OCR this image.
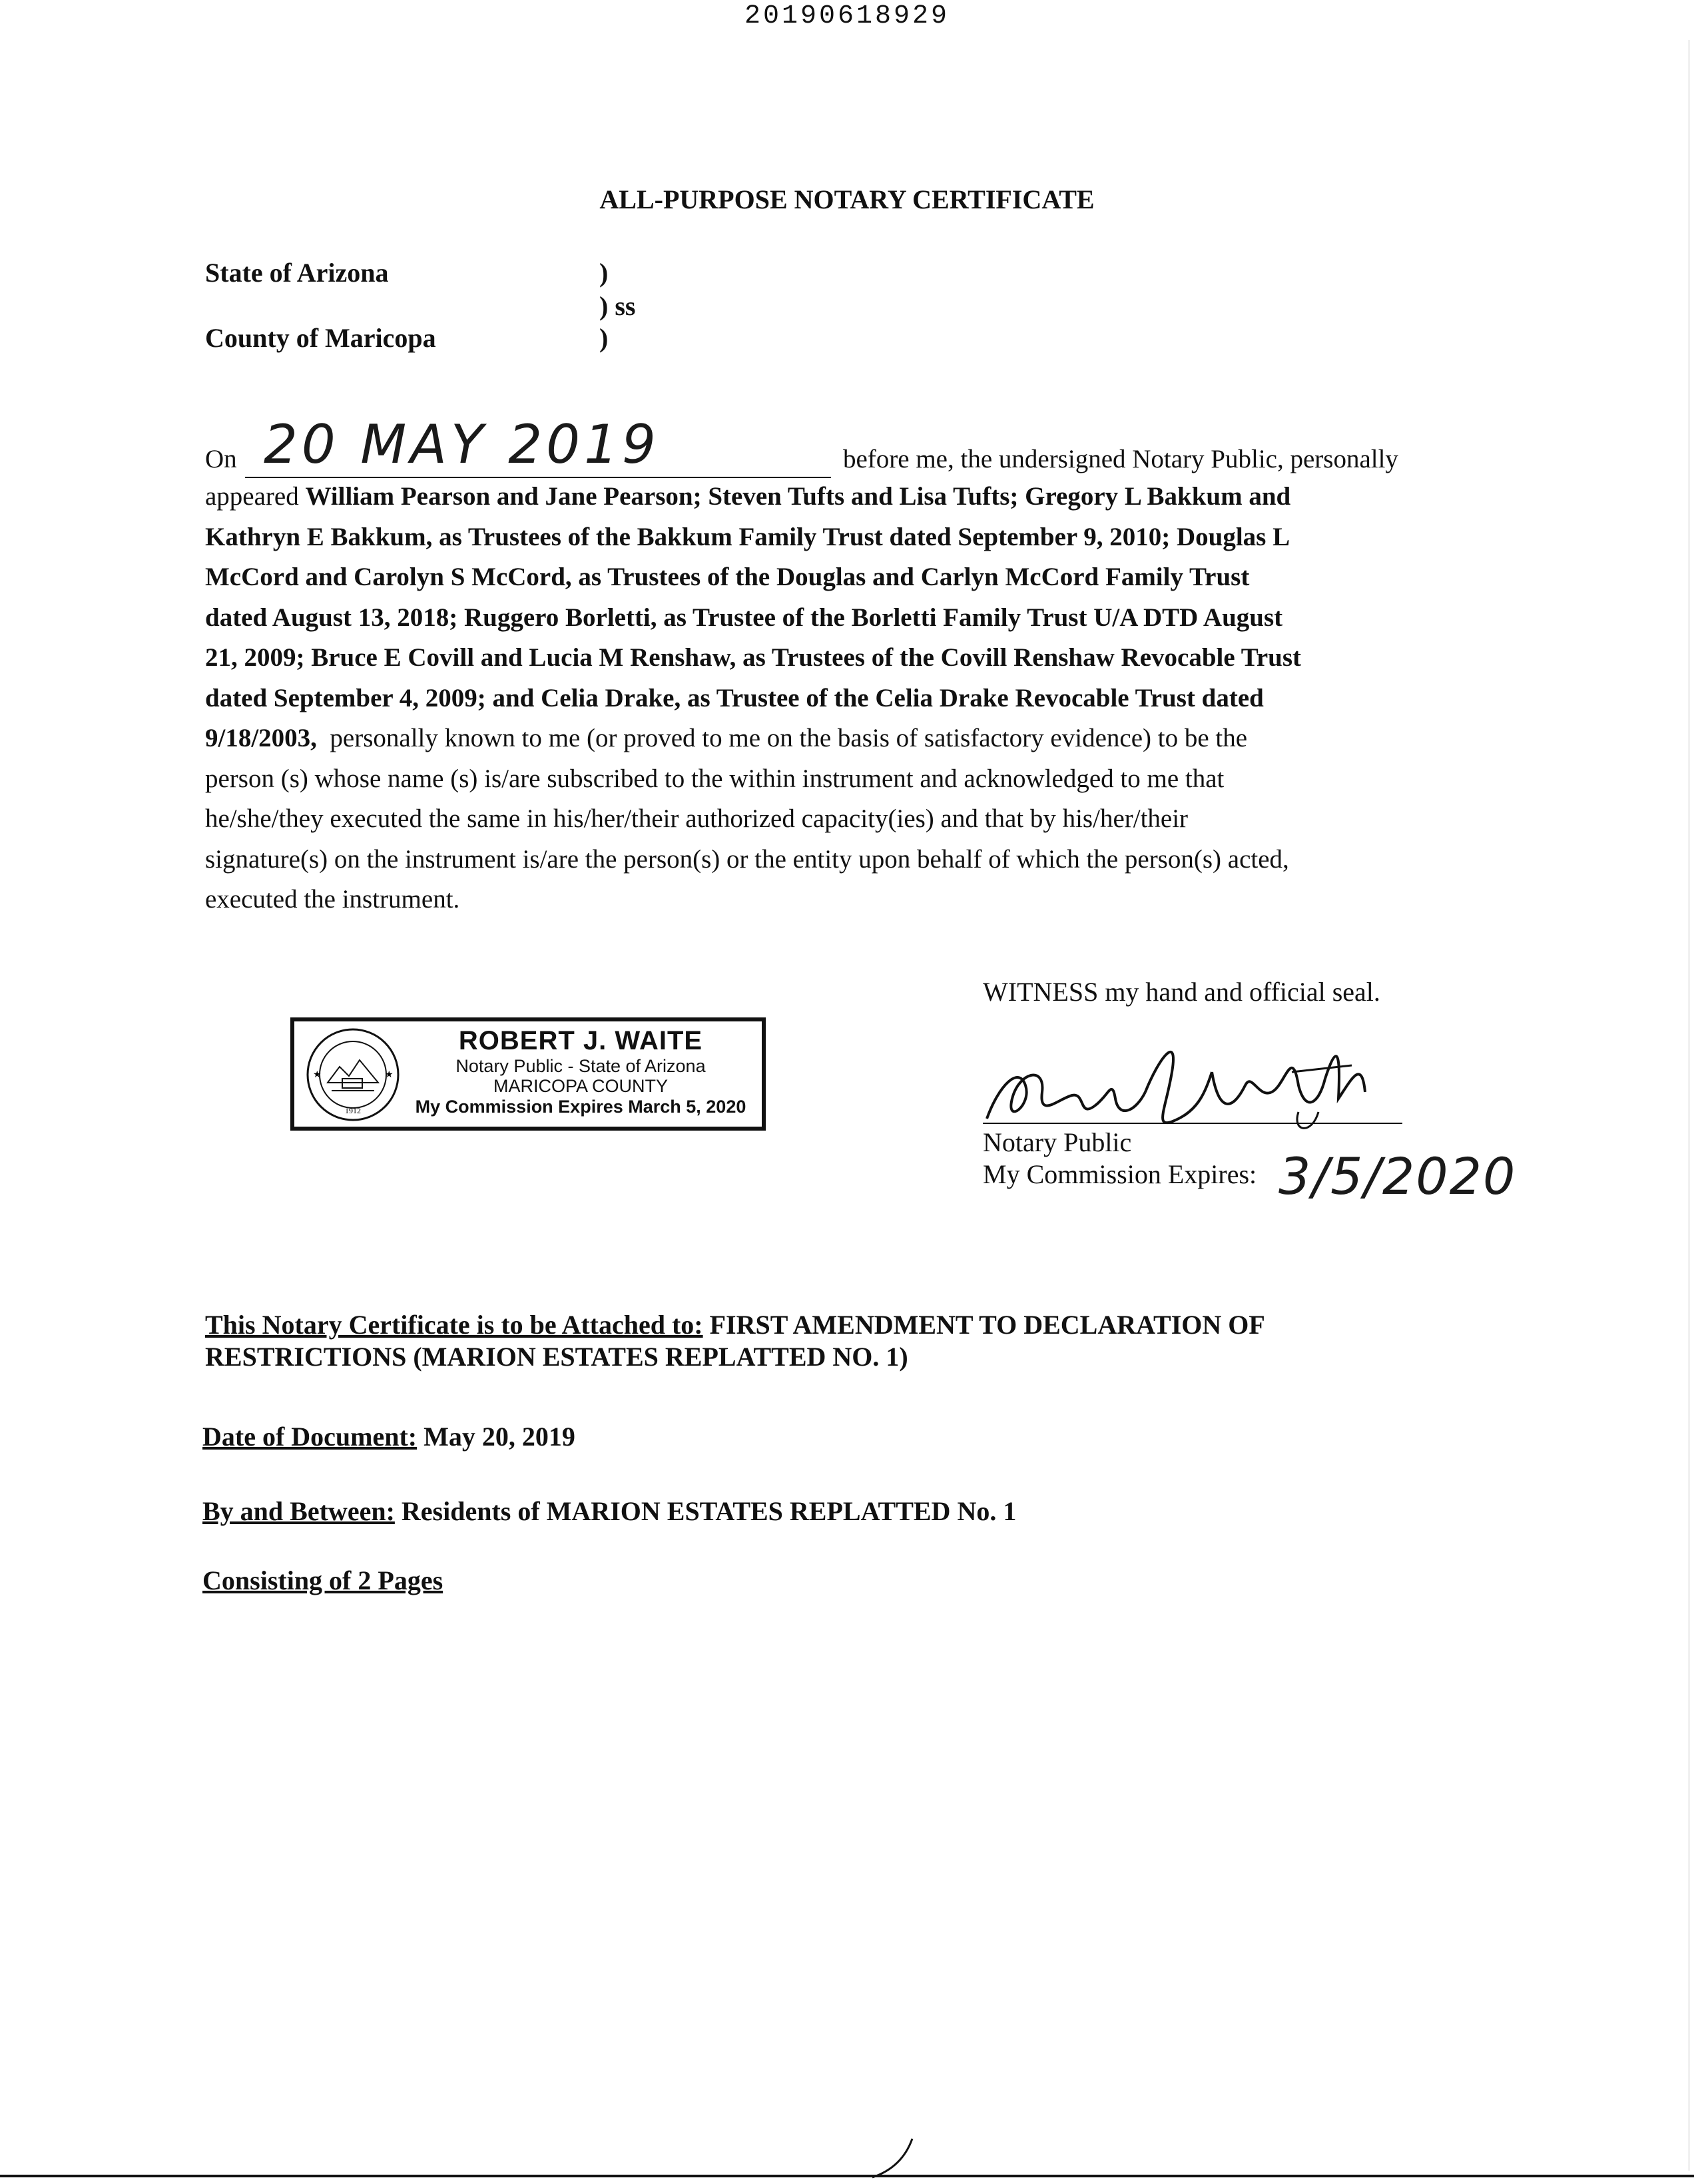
20190618929
ALL-PURPOSE NOTARY CERTIFICATE
State of Arizona
County of Maricopa
)
) ss
)
On 20 MAY 2019	before me, the undersigned Notary Public, personally
appeared William Pearson and Jane Pearson; Steven Tufts and Lisa Tufts; Gregory L Bakkum and
Kathryn E Bakkum, as Trustees of the Bakkum Family Trust dated September 9, 2010; Douglas L
McCord and Carolyn S McCord, as Trustees of the Douglas and Carlyn McCord Family Trust
dated August 13, 2018; Ruggero Borletti, as Trustee of the Borletti Family Trust U/A DTD August
21, 2009; Bruce E Covill and Lucia M Renshaw, as Trustees of the Covill Renshaw Revocable Trust
dated September 4, 2009; and Celia Drake, as Trustee of the Celia Drake Revocable Trust dated
9/18/2003,  personally known to me (or proved to me on the basis of satisfactory evidence) to be the
person (s) whose name (s) is/are subscribed to the within instrument and acknowledged to me that
he/she/they executed the same in his/her/their authorized capacity(ies) and that by his/her/their
signature(s) on the instrument is/are the person(s) or the entity upon behalf of which the person(s) acted,
executed the instrument.
WITNESS my hand and official seal.
1912
★	★
ROBERT J. WAITE
Notary Public - State of Arizona
MARICOPA COUNTY
My Commission Expires March 5, 2020
Notary Public
My Commission Expires: 3/5/2020
This Notary Certificate is to be Attached to: FIRST AMENDMENT TO DECLARATION OF
RESTRICTIONS (MARION ESTATES REPLATTED NO. 1)
Date of Document: May 20, 2019
By and Between: Residents of MARION ESTATES REPLATTED No. 1
Consisting of 2 Pages
